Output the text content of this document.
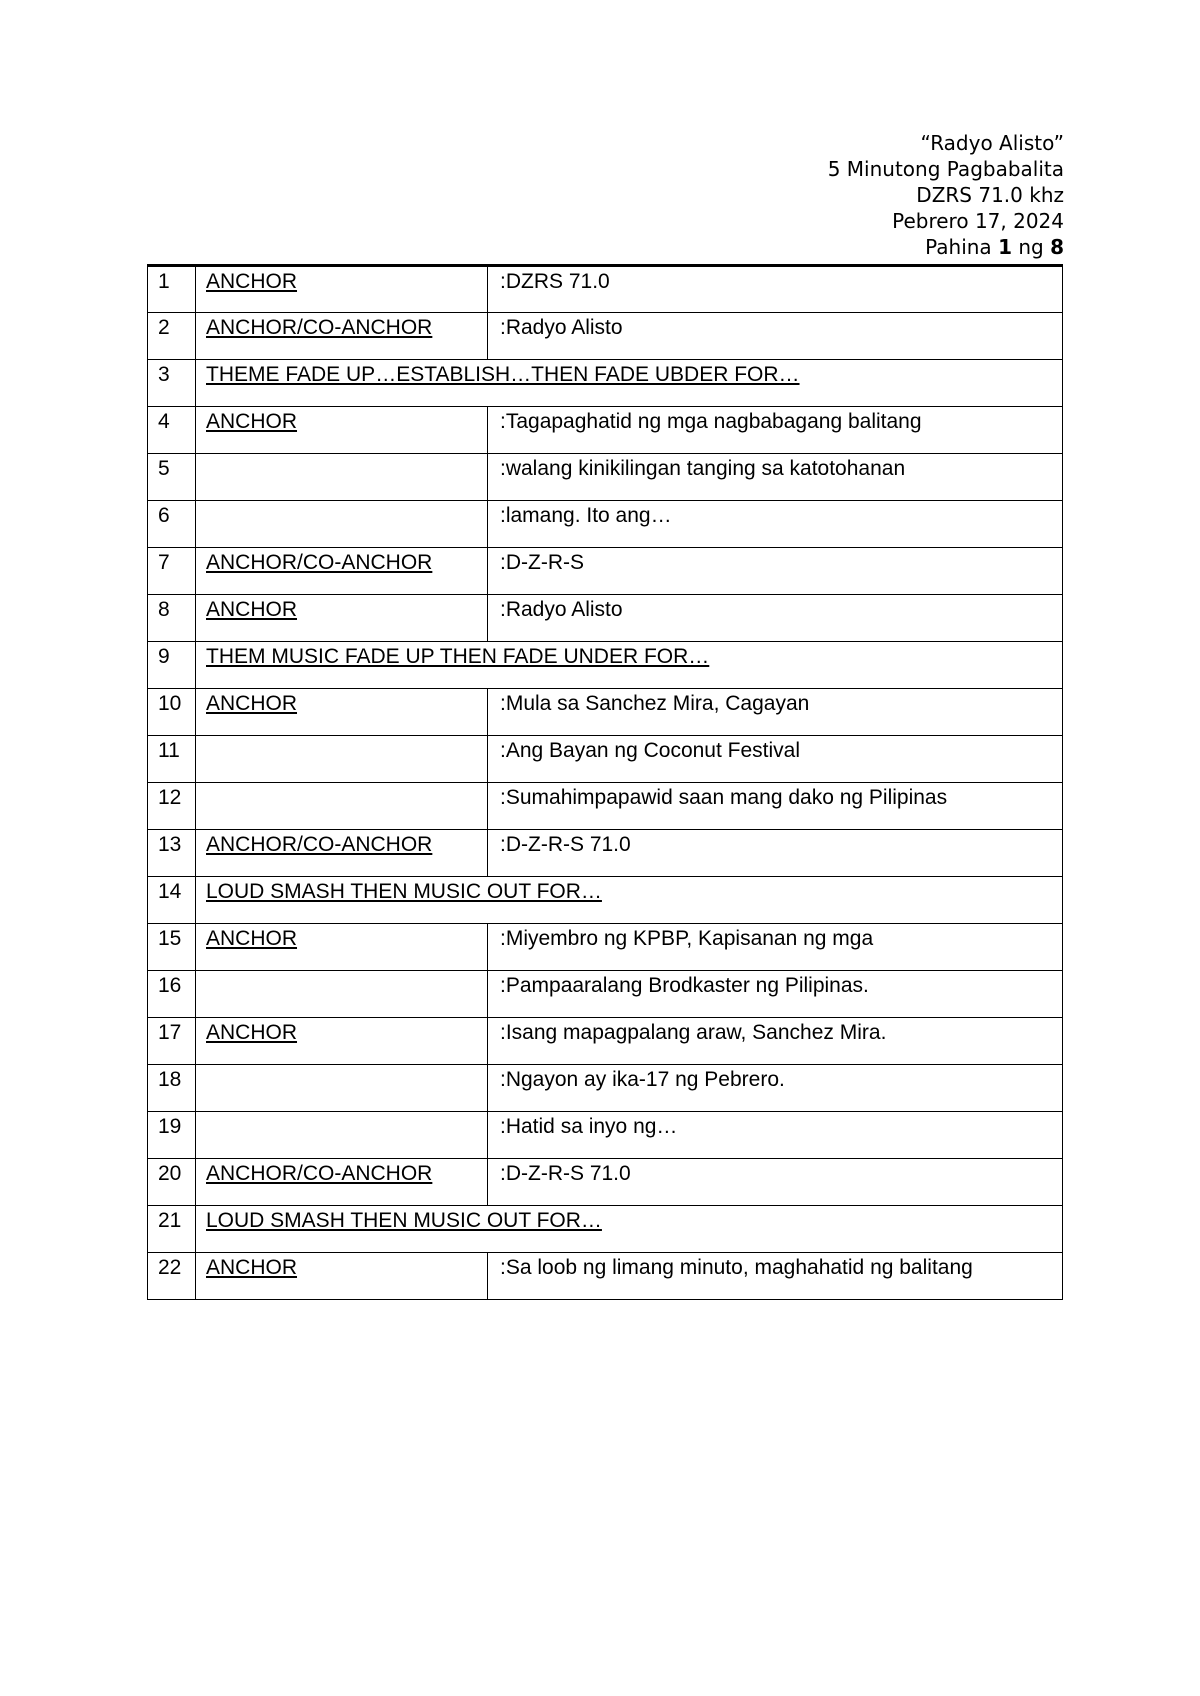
“Radyo Alisto”
5 Minutong Pagbabalita
DZRS 71.0 khz
Pebrero 17, 2024
Pahina 1 ng 8
1	ANCHOR	:DZRS 71.0
2	ANCHOR/CO-ANCHOR	:Radyo Alisto
3	THEME FADE UP…ESTABLISH…THEN FADE UBDER FOR…	
4	ANCHOR	:Tagapaghatid ng mga nagbabagang balitang
5		:walang kinikilingan tanging sa katotohanan
6		:lamang. Ito ang…
7	ANCHOR/CO-ANCHOR	:D-Z-R-S
8	ANCHOR	:Radyo Alisto
9	THEM MUSIC FADE UP THEN FADE UNDER FOR…	
10	ANCHOR	:Mula sa Sanchez Mira, Cagayan
11		:Ang Bayan ng Coconut Festival
12		:Sumahimpapawid saan mang dako ng Pilipinas
13	ANCHOR/CO-ANCHOR	:D-Z-R-S 71.0
14	LOUD SMASH THEN MUSIC OUT FOR…	
15	ANCHOR	:Miyembro ng KPBP, Kapisanan ng mga
16		:Pampaaralang Brodkaster ng Pilipinas.
17	ANCHOR	:Isang mapagpalang araw, Sanchez Mira.
18		:Ngayon ay ika-17 ng Pebrero.
19		:Hatid sa inyo ng…
20	ANCHOR/CO-ANCHOR	:D-Z-R-S 71.0
21	LOUD SMASH THEN MUSIC OUT FOR…	
22	ANCHOR	:Sa loob ng limang minuto, maghahatid ng balitang
